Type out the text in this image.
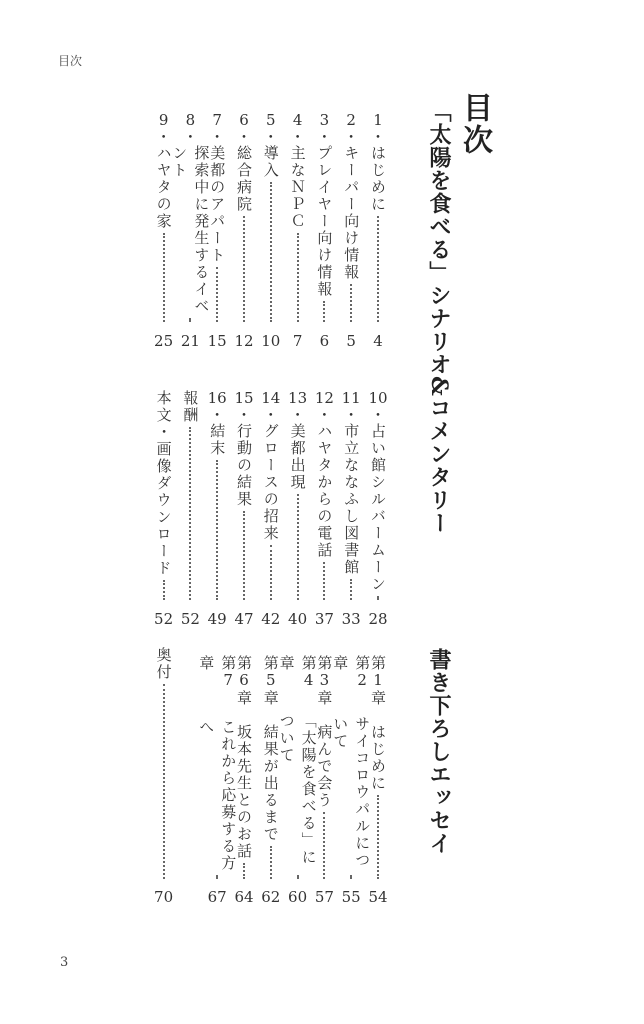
目次
目次
「太陽を食べる」シナリオ&コメンタリー
書き下ろしエッセイ
1
・
はじめに
4
2
・
キーパー向け情報
5
3
・
プレイヤー向け情報
6
4
・
主なＮＰＣ
7
5
・
導入
10
6
・
総合病院
12
7
・
美都のアパート
15
8
・
探索中に発生するイベント
21
9
・
ハヤタの家
25
10
・
占い館シルバームーン
28
11
・
市立ななふし図書館
33
12
・
ハヤタからの電話
37
13
・
美都出現
40
14
・
グロースの招来
42
15
・
行動の結果
47
16
・
結末
49
報酬
52
本文・画像ダウンロード
52
第1章
はじめに
54
第2章
サイコロウパルについて
55
第3章
病んで会う
57
第4章
「太陽を食べる」について
60
第5章
結果が出るまで
62
第6章
坂本先生とのお話
64
第7章
これから応募する方へ
67
奥付
70
3
